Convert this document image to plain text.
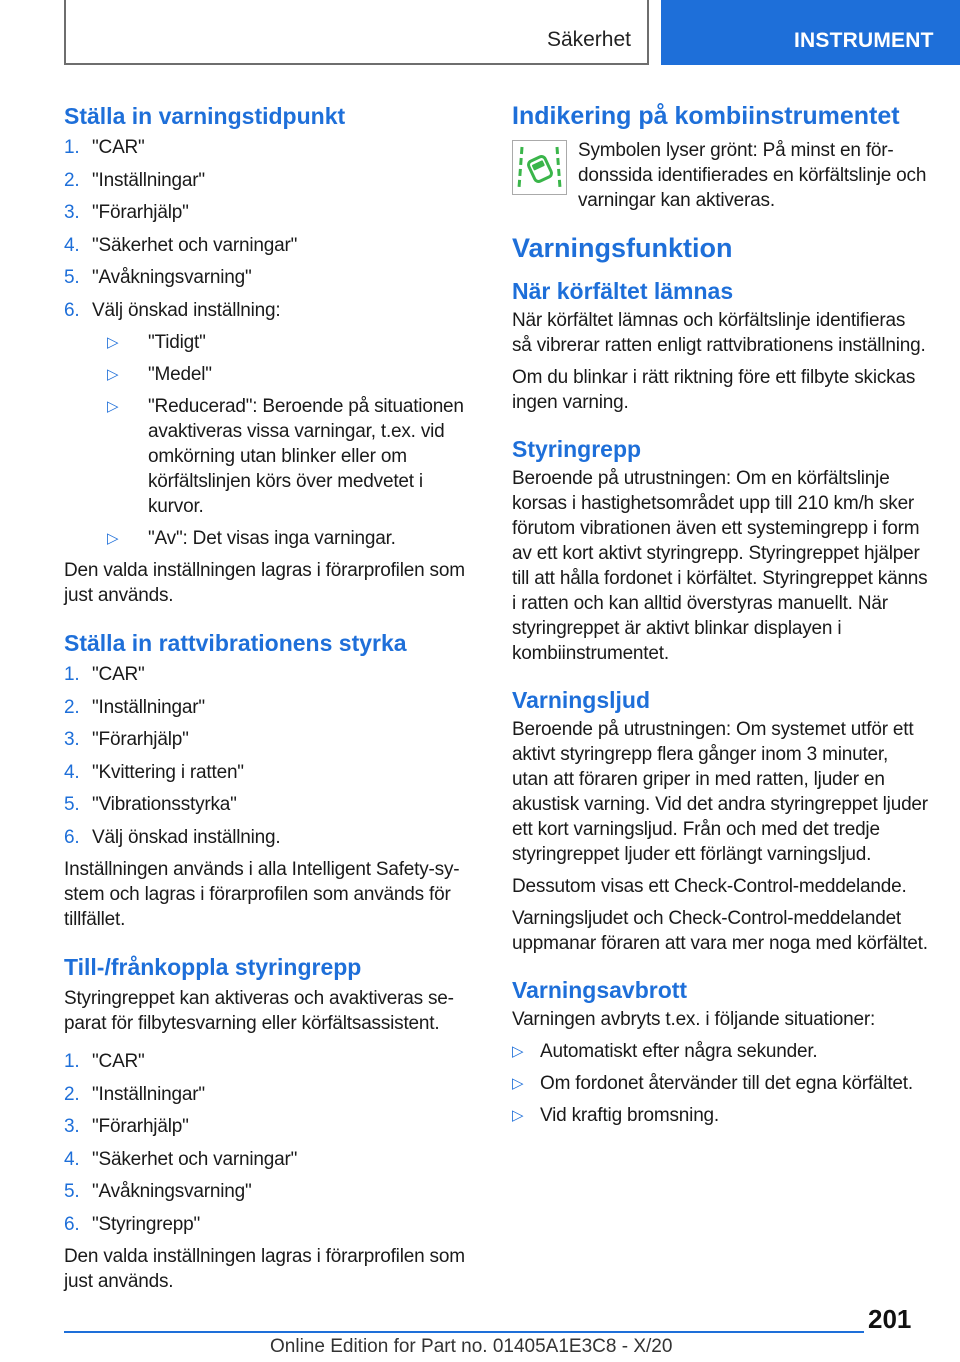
Säkerhet	INSTRUMENT
Ställa in varningstidpunkt
1. "CAR"
2. "Inställningar"
3. "Förarhjälp"
4. "Säkerhet och varningar"
5. "Avåkningsvarning"
6. Välj önskad inställning:
▷ "Tidigt"
▷ "Medel"
▷ "Reducerad": Beroende på situationen avaktiveras vissa varningar, t.ex. vid omkörning utan blinker eller om körfältslinjen körs över medvetet i kurvor.
▷ "Av": Det visas inga varningar.

Den valda inställningen lagras i förarprofilen som just används.

Ställa in rattvibrationens styrka
1. "CAR"
2. "Inställningar"
3. "Förarhjälp"
4. "Kvittering i ratten"
5. "Vibrationsstyrka"
6. Välj önskad inställning.

Inställningen används i alla Intelligent Safety-system och lagras i förarprofilen som används för tillfället.

Till-/frånkoppla styringrepp

Styringreppet kan aktiveras och avaktiveras separat för filbytesvarning eller körfältsassistent.

1. "CAR"
2. "Inställningar"
3. "Förarhjälp"
4. "Säkerhet och varningar"
5. "Avåkningsvarning"
6. "Styringrepp"

Den valda inställningen lagras i förarprofilen som just används.

Indikering på kombiinstrumentet

Symbolen lyser grönt: På minst en fördonssida identifierades en körfältslinje och varningar kan aktiveras.

Varningsfunktion
När körfältet lämnas

När körfältet lämnas och körfältslinje identifieras så vibrerar ratten enligt rattvibrationens inställning.

Om du blinkar i rätt riktning före ett filbyte skickas ingen varning.

Styringrepp

Beroende på utrustningen: Om en körfältslinje korsas i hastighetsområdet upp till 210 km/h sker förutom vibrationen även ett systemingrepp i form av ett kort aktivt styringrepp. Styringreppet hjälper till att hålla fordonet i körfältet. Styringreppet känns i ratten och kan alltid överstyras manuellt. När styringreppet är aktivt blinkar displayen i kombiinstrumentet.

Varningsljud

Beroende på utrustningen: Om systemet utför ett aktivt styringrepp flera gånger inom 3 minuter, utan att föraren griper in med ratten, ljuder en akustisk varning. Vid det andra styringreppet ljuder ett kort varningsljud. Från och med det tredje styringreppet ljuder ett förlängt varningsljud.

Dessutom visas ett Check-Control-meddelande.

Varningsljudet och Check-Control-meddelandet uppmanar föraren att vara mer noga med körfältet.

Varningsavbrott

Varningen avbryts t.ex. i följande situationer:

▷ Automatiskt efter några sekunder.
▷ Om fordonet återvänder till det egna körfältet.
▷ Vid kraftig bromsning.
201
Online Edition for Part no. 01405A1E3C8 - X/20
